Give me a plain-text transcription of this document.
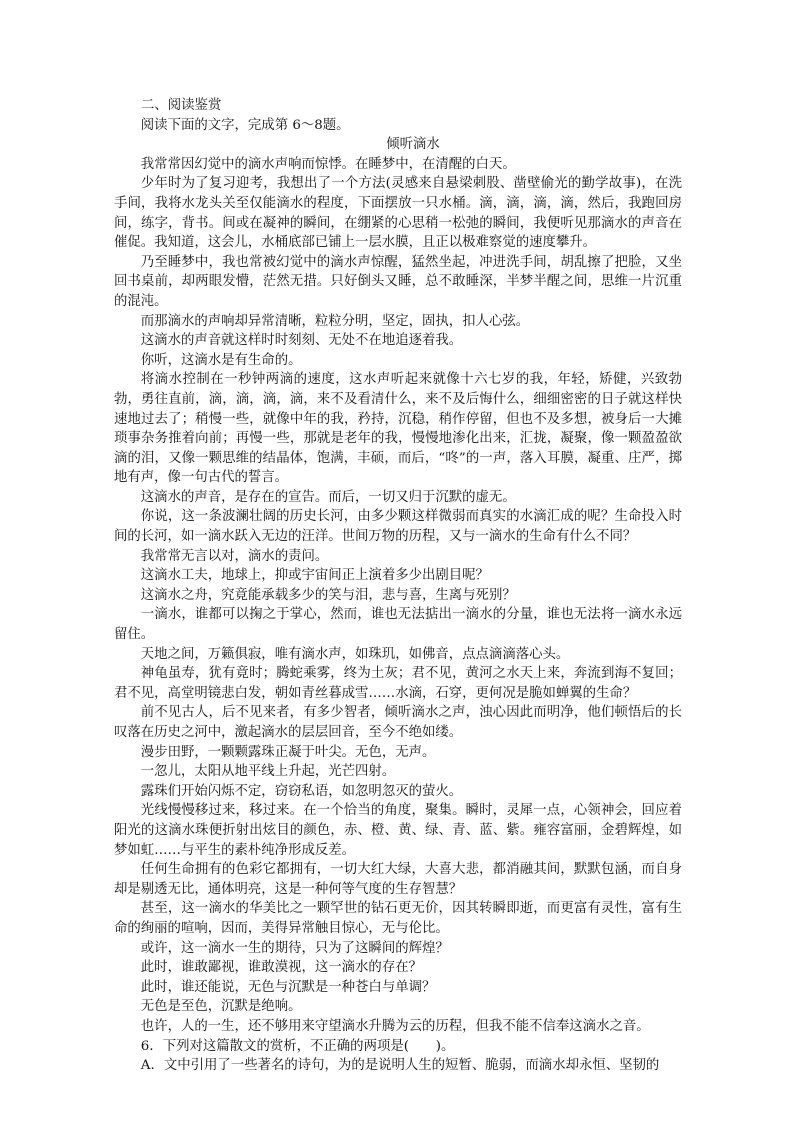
二、阅读鉴赏

阅读下面的文字，完成第 6～8题。

倾听滴水

我常常因幻觉中的滴水声响而惊悸。在睡梦中，在清醒的白天。

少年时为了复习迎考，我想出了一个方法(灵感来自悬梁刺股、凿壁偷光的勤学故事)，在洗手间，我将水龙头关至仅能滴水的程度，下面摆放一只水桶。滴，滴，滴，滴，然后，我跑回房间，练字，背书。间或在凝神的瞬间，在绷紧的心思稍一松弛的瞬间，我便听见那滴水的声音在催促。我知道，这会儿，水桶底部已铺上一层水膜，且正以极难察觉的速度攀升。

乃至睡梦中，我也常被幻觉中的滴水声惊醒，猛然坐起，冲进洗手间，胡乱擦了把脸，又坐回书桌前，却两眼发懵，茫然无措。只好倒头又睡，总不敢睡深，半梦半醒之间，思维一片沉重的混沌。

而那滴水的声响却异常清晰，粒粒分明，坚定，固执，扣人心弦。

这滴水的声音就这样时时刻刻、无处不在地追逐着我。

你听，这滴水是有生命的。

将滴水控制在一秒钟两滴的速度，这水声听起来就像十六七岁的我，年轻，矫健，兴致勃勃，勇往直前，滴，滴，滴，滴，来不及看清什么，来不及后悔什么，细细密密的日子就这样快速地过去了；稍慢一些，就像中年的我，矜持，沉稳，稍作停留，但也不及多想，被身后一大摊琐事杂务推着向前；再慢一些，那就是老年的我，慢慢地渗化出来，汇拢，凝聚，像一颗盈盈欲滴的泪，又像一颗思维的结晶体，饱满，丰硕，而后，“咚”的一声，落入耳膜，凝重、庄严，掷地有声，像一句古代的誓言。

这滴水的声音，是存在的宣告。而后，一切又归于沉默的虚无。

你说，这一条波澜壮阔的历史长河，由多少颗这样微弱而真实的水滴汇成的呢？生命投入时间的长河，如一滴水跃入无边的汪洋。世间万物的历程，又与一滴水的生命有什么不同？

我常常无言以对，滴水的责问。

这滴水工夫，地球上，抑或宇宙间正上演着多少出剧目呢？

这滴水之舟，究竟能承载多少的笑与泪，悲与喜，生离与死别？

一滴水，谁都可以掬之于掌心，然而，谁也无法掂出一滴水的分量，谁也无法将一滴水永远留住。

天地之间，万籁俱寂，唯有滴水声，如珠玑，如佛音，点点滴滴落心头。

神龟虽寿，犹有竟时；腾蛇乘雾，终为土灰；君不见，黄河之水天上来，奔流到海不复回；君不见，高堂明镜悲白发，朝如青丝暮成雪……水滴，石穿，更何况是脆如蝉翼的生命？

前不见古人，后不见来者，有多少智者，倾听滴水之声，浊心因此而明净，他们顿悟后的长叹落在历史之河中，激起滴水的层层回音，至今不绝如缕。

漫步田野，一颗颗露珠正凝于叶尖。无色，无声。

一忽儿，太阳从地平线上升起，光芒四射。

露珠们开始闪烁不定，窃窃私语，如忽明忽灭的萤火。

光线慢慢移过来，移过来。在一个恰当的角度，聚集。瞬时，灵犀一点，心领神会，回应着阳光的这滴水珠便折射出炫目的颜色，赤、橙、黄、绿、青、蓝、紫。雍容富丽，金碧辉煌，如梦如虹……与平生的素朴纯净形成反差。

任何生命拥有的色彩它都拥有，一切大红大绿，大喜大悲，都消融其间，默默包涵，而自身却是剔透无比，通体明亮，这是一种何等气度的生存智慧？

甚至，这一滴水的华美比之一颗罕世的钻石更无价，因其转瞬即逝，而更富有灵性，富有生命的绚丽的喧响，因而，美得异常触目惊心，无与伦比。

或许，这一滴水一生的期待，只为了这瞬间的辉煌？

此时，谁敢鄙视，谁敢漠视，这一滴水的存在？

此时，谁还能说，无色与沉默是一种苍白与单调？

无色是至色，沉默是绝响。

也许，人的一生，还不够用来守望滴水升腾为云的历程，但我不能不信奉这滴水之音。

6．下列对这篇散文的赏析，不正确的两项是(　　)。

A．文中引用了一些著名的诗句，为的是说明人生的短暂、脆弱，而滴水却永恒、坚韧的
